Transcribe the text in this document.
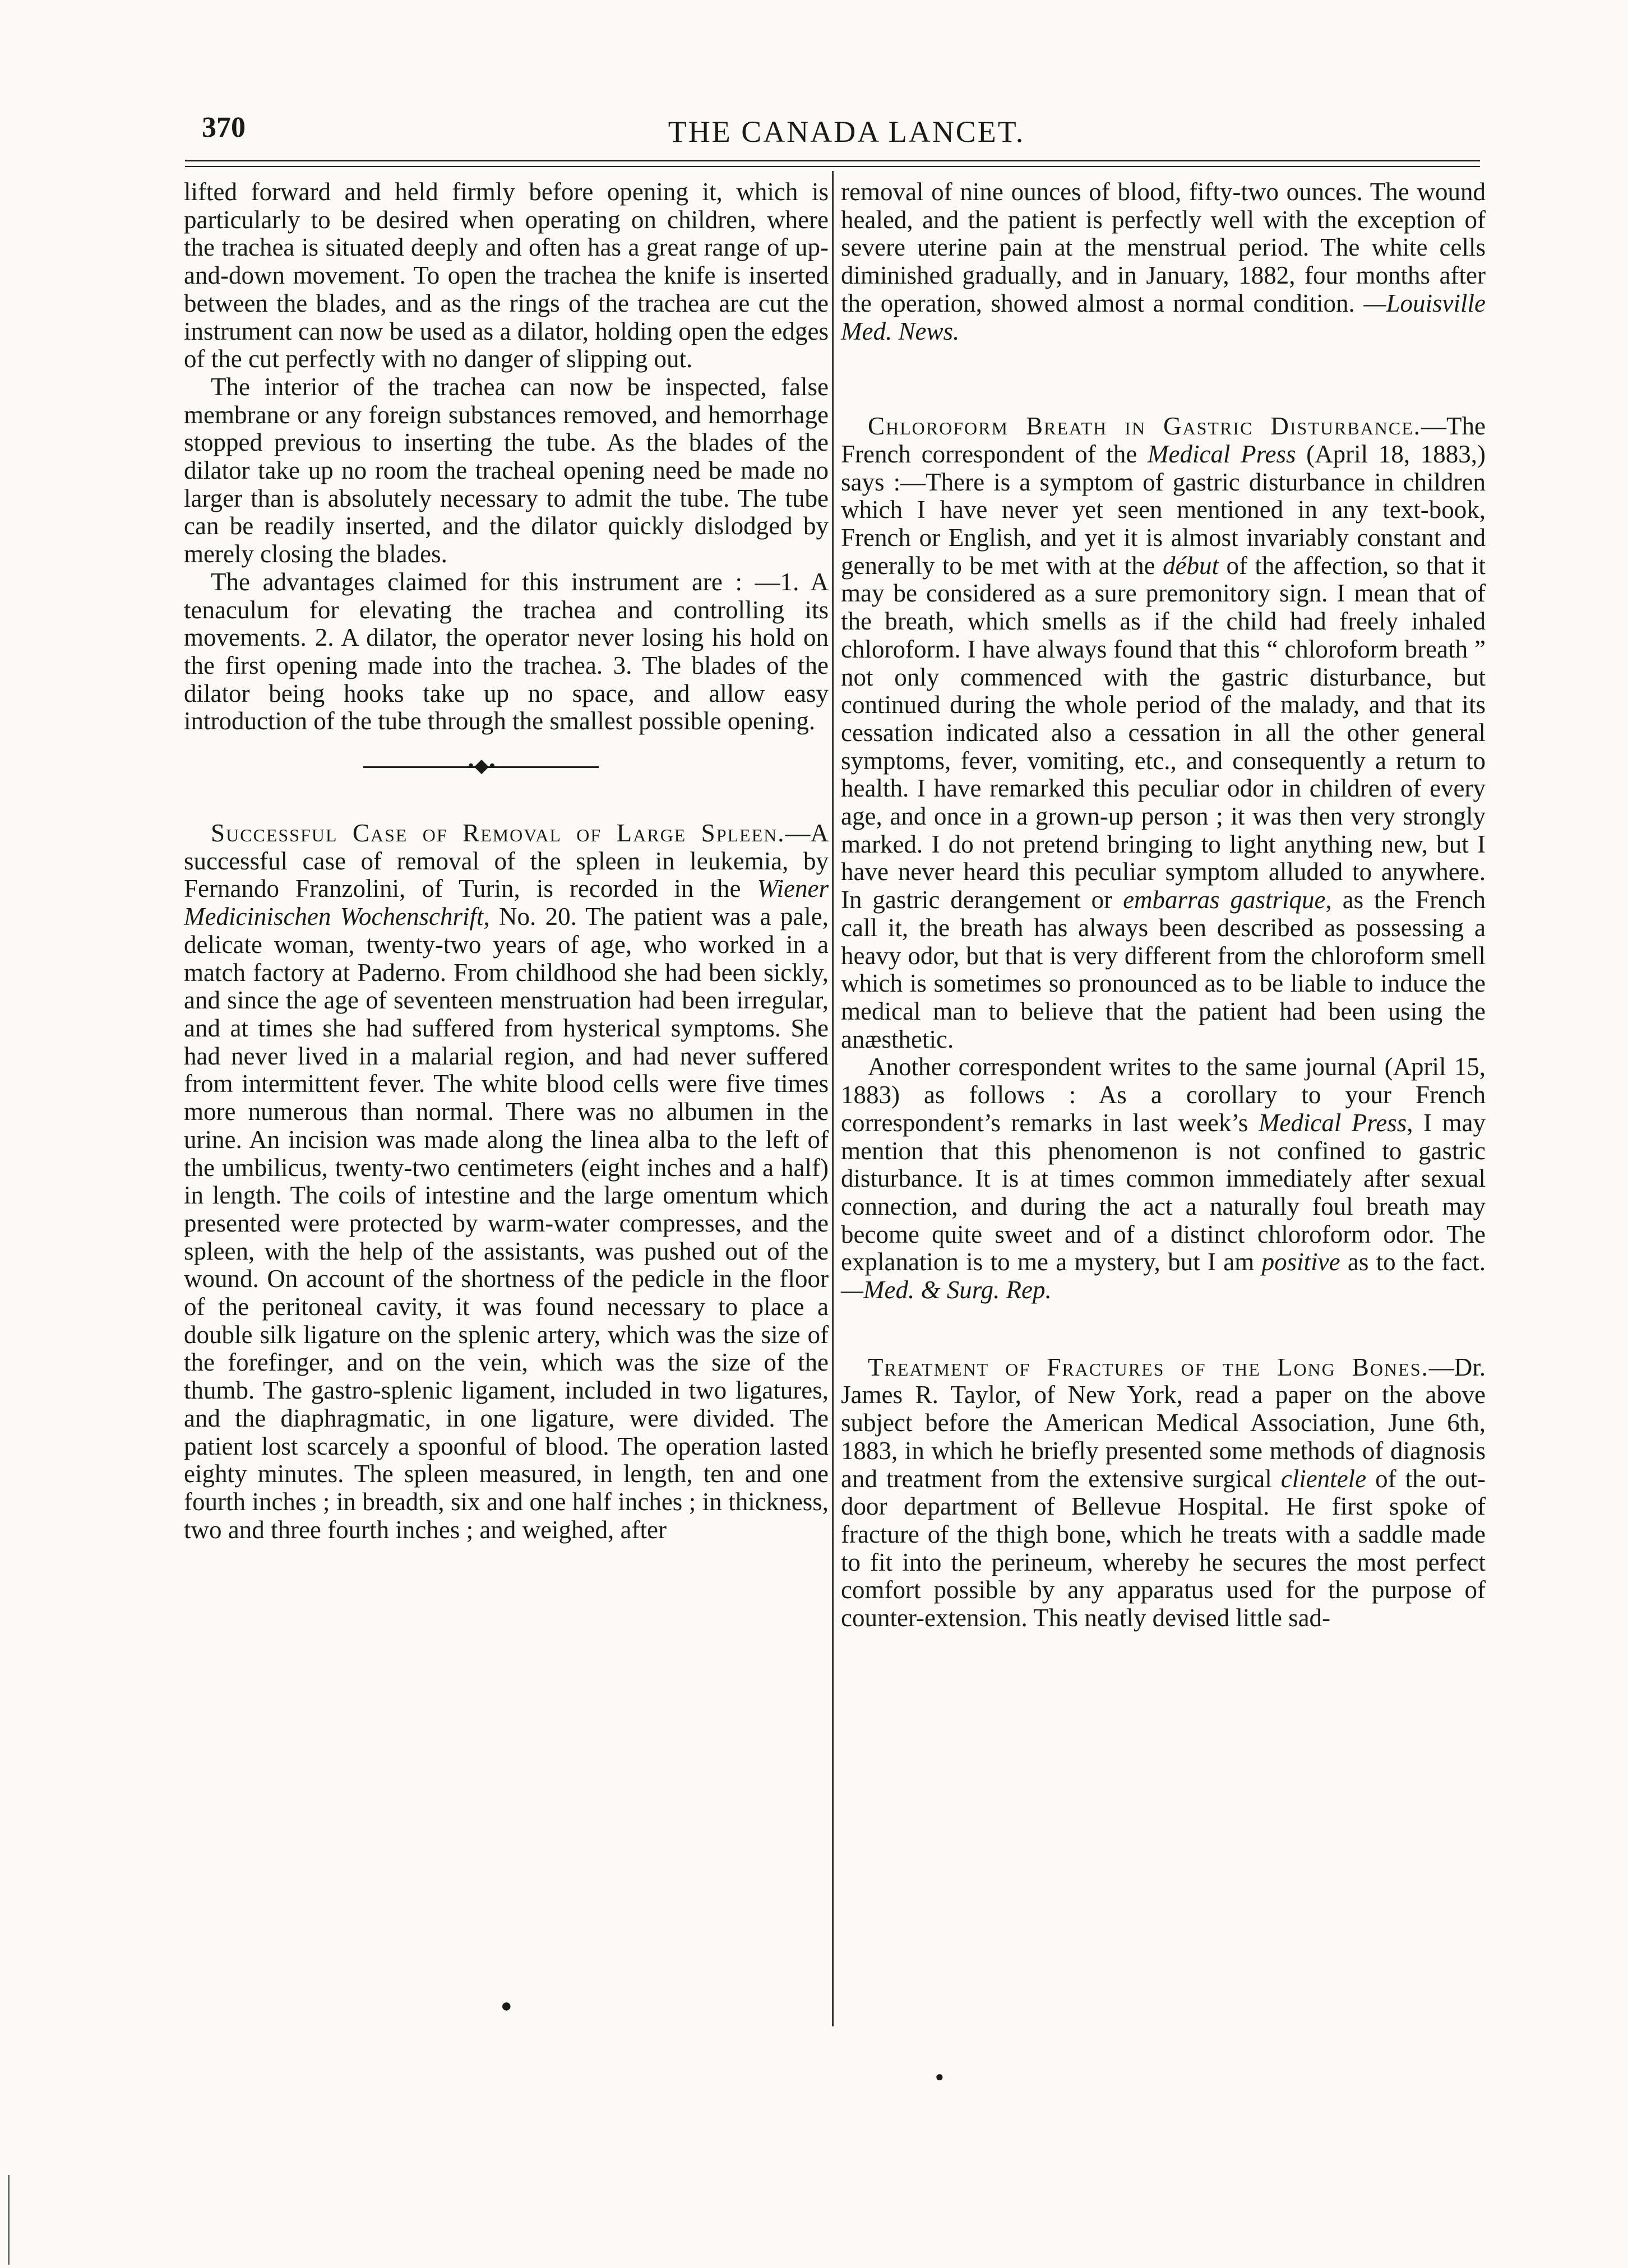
370	THE CANADA LANCET.

lifted forward and held firmly before opening it, which is particularly to be desired when operating on children, where the trachea is situated deeply and often has a great range of up-and-down movement. To open the trachea the knife is inserted between the blades, and as the rings of the trachea are cut the instrument can now be used as a dilator, holding open the edges of the cut perfectly with no danger of slipping out.

The interior of the trachea can now be inspected, false membrane or any foreign substances removed, and hemorrhage stopped previous to inserting the tube. As the blades of the dilator take up no room the tracheal opening need be made no larger than is absolutely necessary to admit the tube. The tube can be readily inserted, and the dilator quickly dislodged by merely closing the blades.

The advantages claimed for this instrument are : —1. A tenaculum for elevating the trachea and controlling its movements. 2. A dilator, the operator never losing his hold on the first opening made into the trachea. 3. The blades of the dilator being hooks take up no space, and allow easy introduction of the tube through the smallest possible opening.

•◆•

Successful Case of Removal of Large Spleen.—A successful case of removal of the spleen in leukemia, by Fernando Franzolini, of Turin, is recorded in the Wiener Medicinischen Wochenschrift, No. 20. The patient was a pale, delicate woman, twenty-two years of age, who worked in a match factory at Paderno. From childhood she had been sickly, and since the age of seventeen menstruation had been irregular, and at times she had suffered from hysterical symptoms. She had never lived in a malarial region, and had never suffered from intermittent fever. The white blood cells were five times more numerous than normal. There was no albumen in the urine. An incision was made along the linea alba to the left of the umbilicus, twenty-two centimeters (eight inches and a half) in length. The coils of intestine and the large omentum which presented were protected by warm-water compresses, and the spleen, with the help of the assistants, was pushed out of the wound. On account of the shortness of the pedicle in the floor of the peritoneal cavity, it was found necessary to place a double silk ligature on the splenic artery, which was the size of the forefinger, and on the vein, which was the size of the thumb. The gastro-splenic ligament, included in two ligatures, and the diaphragmatic, in one ligature, were divided. The patient lost scarcely a spoonful of blood. The operation lasted eighty minutes. The spleen measured, in length, ten and one fourth inches ; in breadth, six and one half inches ; in thickness, two and three fourth inches ; and weighed, after

removal of nine ounces of blood, fifty-two ounces. The wound healed, and the patient is perfectly well with the exception of severe uterine pain at the menstrual period. The white cells diminished gradually, and in January, 1882, four months after the operation, showed almost a normal condition. —Louisville Med. News.

Chloroform Breath in Gastric Disturbance.—The French correspondent of the Medical Press (April 18, 1883,) says :—There is a symptom of gastric disturbance in children which I have never yet seen mentioned in any text-book, French or English, and yet it is almost invariably constant and generally to be met with at the début of the affection, so that it may be considered as a sure premonitory sign. I mean that of the breath, which smells as if the child had freely inhaled chloroform. I have always found that this “ chloroform breath ” not only commenced with the gastric disturbance, but continued during the whole period of the malady, and that its cessation indicated also a cessation in all the other general symptoms, fever, vomiting, etc., and consequently a return to health. I have remarked this peculiar odor in children of every age, and once in a grown-up person ; it was then very strongly marked. I do not pretend bringing to light anything new, but I have never heard this peculiar symptom alluded to anywhere. In gastric derangement or embarras gastrique, as the French call it, the breath has always been described as possessing a heavy odor, but that is very different from the chloroform smell which is sometimes so pronounced as to be liable to induce the medical man to believe that the patient had been using the anæsthetic.

Another correspondent writes to the same journal (April 15, 1883) as follows : As a corollary to your French correspondent’s remarks in last week’s Medical Press, I may mention that this phenomenon is not confined to gastric disturbance. It is at times common immediately after sexual connection, and during the act a naturally foul breath may become quite sweet and of a distinct chloroform odor. The explanation is to me a mystery, but I am positive as to the fact.—Med. & Surg. Rep.

Treatment of Fractures of the Long Bones.—Dr. James R. Taylor, of New York, read a paper on the above subject before the American Medical Association, June 6th, 1883, in which he briefly presented some methods of diagnosis and treatment from the extensive surgical clientele of the out-door department of Bellevue Hospital. He first spoke of fracture of the thigh bone, which he treats with a saddle made to fit into the perineum, whereby he secures the most perfect comfort possible by any apparatus used for the purpose of counter-extension. This neatly devised little sad-

●
●
